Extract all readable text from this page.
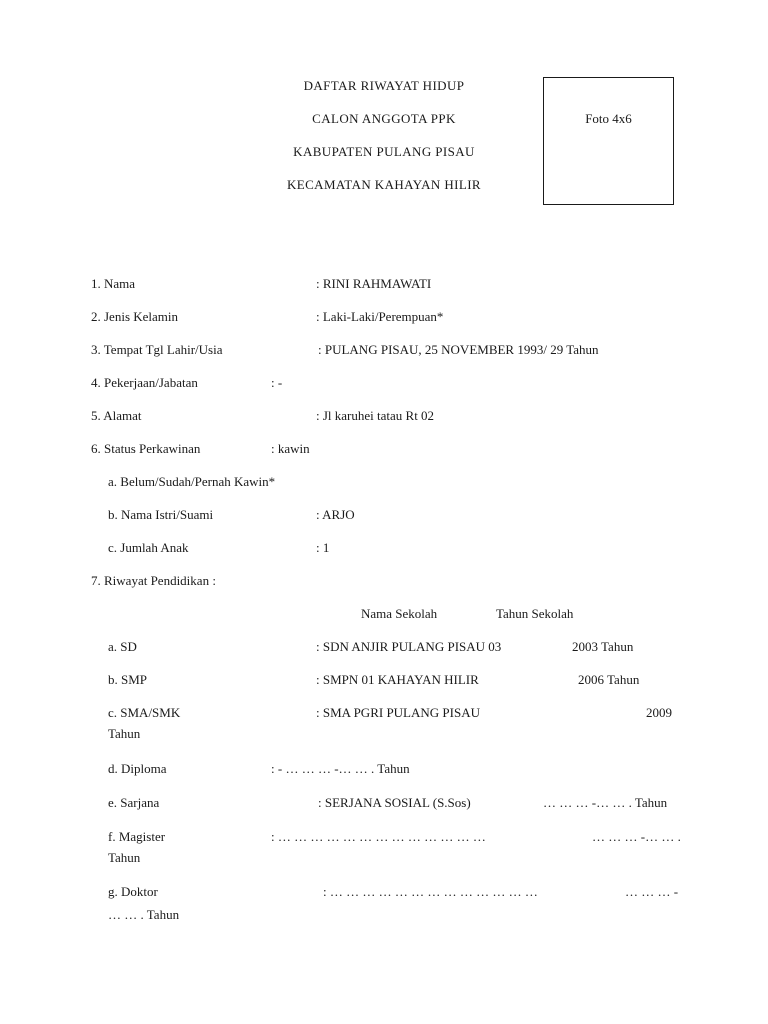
DAFTAR RIWAYAT HIDUP
CALON ANGGOTA PPK
KABUPATEN PULANG PISAU
KECAMATAN KAHAYAN HILIR
Foto 4x6
1. Nama	: RINI RAHMAWATI
2. Jenis Kelamin	: Laki-Laki/Perempuan*
3. Tempat Tgl Lahir/Usia	: PULANG PISAU, 25 NOVEMBER 1993/ 29 Tahun
4. Pekerjaan/Jabatan	: -
5. Alamat	: Jl karuhei tatau Rt 02
6. Status Perkawinan	: kawin
a. Belum/Sudah/Pernah Kawin*
b. Nama Istri/Suami	: ARJO
c. Jumlah Anak	: 1
7. Riwayat Pendidikan :
Nama Sekolah	Tahun Sekolah
a. SD	: SDN ANJIR PULANG PISAU 03	2003 Tahun
b. SMP	: SMPN 01 KAHAYAN HILIR	2006 Tahun
c. SMA/SMK	: SMA PGRI PULANG PISAU	2009
Tahun
d. Diploma	: - … … … -… … . Tahun
e. Sarjana	: SERJANA SOSIAL (S.Sos)	… … … -… … . Tahun
f. Magister	: … … … … … … … … … … … … …	… … … -… … .
Tahun
g. Doktor	: … … … … … … … … … … … … …	… … … -
… … . Tahun
